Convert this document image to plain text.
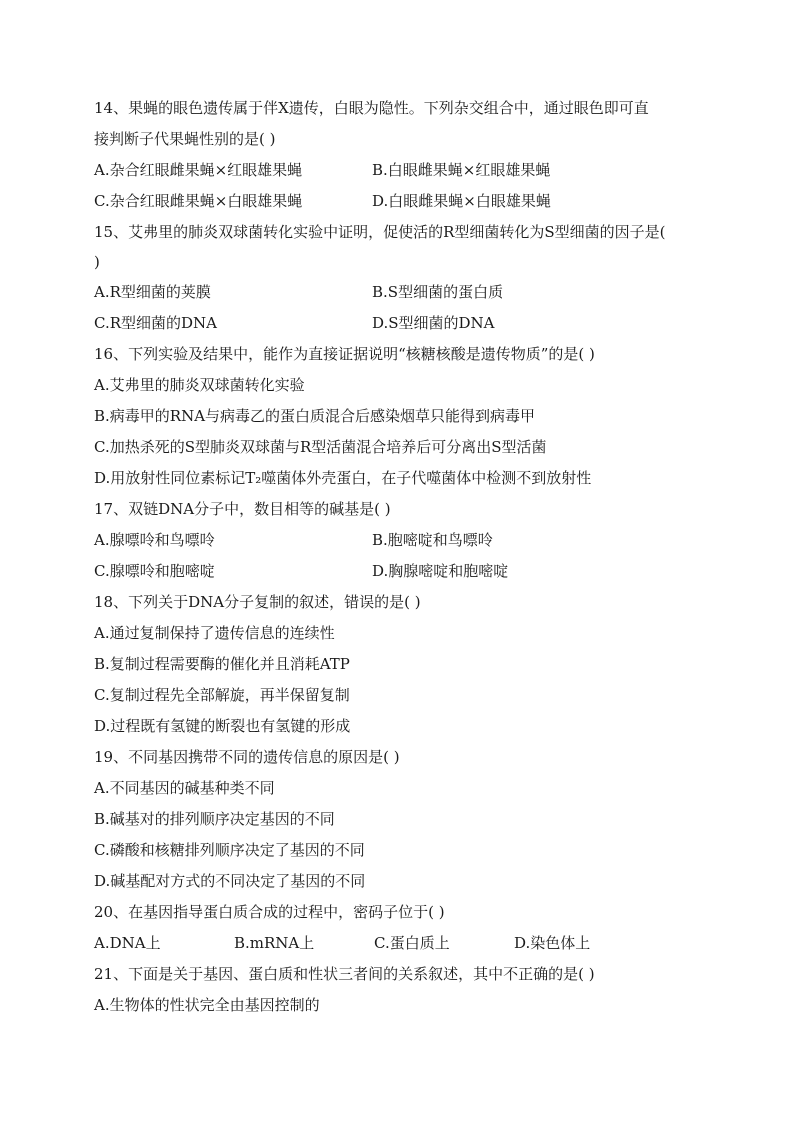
14、果蝇的眼色遗传属于伴X遗传，白眼为隐性。下列杂交组合中，通过眼色即可直
接判断子代果蝇性别的是( )
A.杂合红眼雌果蝇×红眼雄果蝇	B.白眼雌果蝇×红眼雄果蝇
C.杂合红眼雌果蝇×白眼雄果蝇	D.白眼雌果蝇×白眼雄果蝇
15、艾弗里的肺炎双球菌转化实验中证明，促使活的R型细菌转化为S型细菌的因子是(
)
A.R型细菌的荚膜	B.S型细菌的蛋白质
C.R型细菌的DNA	D.S型细菌的DNA
16、下列实验及结果中，能作为直接证据说明“核糖核酸是遗传物质”的是( )
A.艾弗里的肺炎双球菌转化实验
B.病毒甲的RNA与病毒乙的蛋白质混合后感染烟草只能得到病毒甲
C.加热杀死的S型肺炎双球菌与R型活菌混合培养后可分离出S型活菌
D.用放射性同位素标记T₂噬菌体外壳蛋白，在子代噬菌体中检测不到放射性
17、双链DNA分子中，数目相等的碱基是( )
A.腺嘌呤和鸟嘌呤	B.胞嘧啶和鸟嘌呤
C.腺嘌呤和胞嘧啶	D.胸腺嘧啶和胞嘧啶
18、下列关于DNA分子复制的叙述，错误的是( )
A.通过复制保持了遗传信息的连续性
B.复制过程需要酶的催化并且消耗ATP
C.复制过程先全部解旋，再半保留复制
D.过程既有氢键的断裂也有氢键的形成
19、不同基因携带不同的遗传信息的原因是( )
A.不同基因的碱基种类不同
B.碱基对的排列顺序决定基因的不同
C.磷酸和核糖排列顺序决定了基因的不同
D.碱基配对方式的不同决定了基因的不同
20、在基因指导蛋白质合成的过程中，密码子位于( )
A.DNA上	B.mRNA上	C.蛋白质上	D.染色体上
21、下面是关于基因、蛋白质和性状三者间的关系叙述，其中不正确的是( )
A.生物体的性状完全由基因控制的
